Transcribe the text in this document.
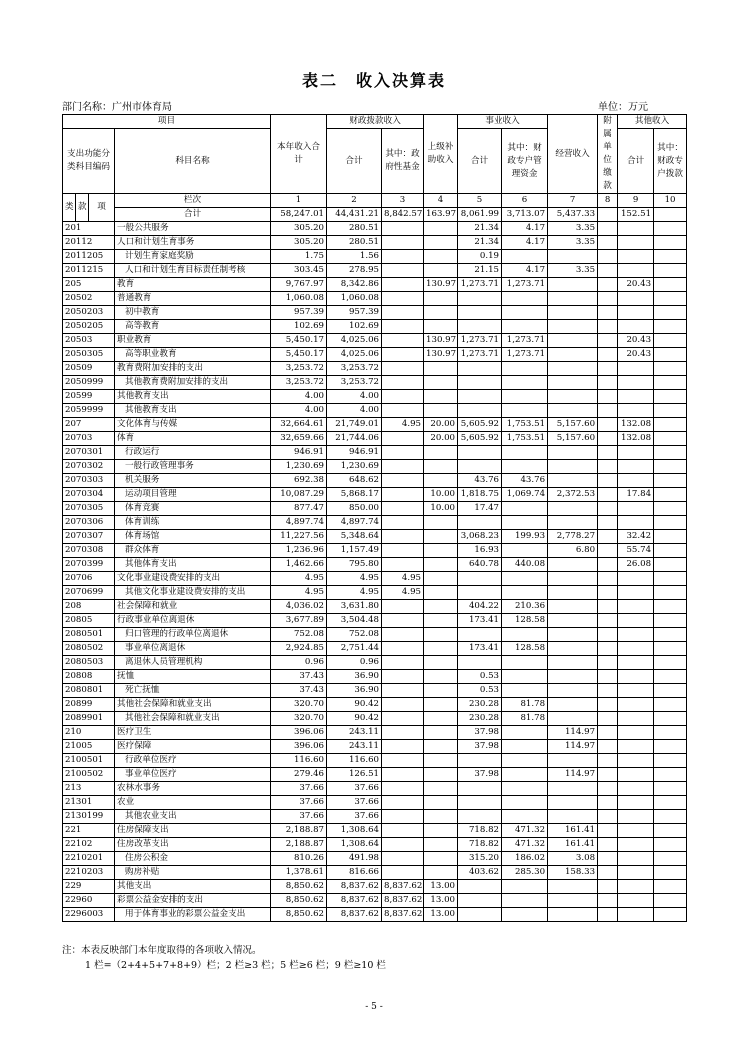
表二　收入决算表
部门名称：广州市体育局	单位：万元
项目				本年收入合计	财政拨款收入		上级补助收入	事业收入		经营收入	附属单位缴款	其他收入	
支出功能分类科目编码			科目名称		合计	其中：政府性基金		合计	其中：财政专户管理资金			合计	其中：财政专户拨款

类	款	项	栏次	1	2	3	4	5	6	7	8	9	10
			合计	58,247.01	44,431.21	8,842.57	163.97	8,061.99	3,713.07	5,437.33		152.51	
201			一般公共服务	305.20	280.51			21.34	4.17	3.35			
20112			人口和计划生育事务	305.20	280.51			21.34	4.17	3.35			
2011205			计划生育家庭奖励	1.75	1.56			0.19					
2011215			人口和计划生育目标责任制考核	303.45	278.95			21.15	4.17	3.35			
205			教育	9,767.97	8,342.86		130.97	1,273.71	1,273.71			20.43	
20502			普通教育	1,060.08	1,060.08								
2050203			初中教育	957.39	957.39								
2050205			高等教育	102.69	102.69								
20503			职业教育	5,450.17	4,025.06		130.97	1,273.71	1,273.71			20.43	
2050305			高等职业教育	5,450.17	4,025.06		130.97	1,273.71	1,273.71			20.43	
20509			教育费附加安排的支出	3,253.72	3,253.72								
2050999			其他教育费附加安排的支出	3,253.72	3,253.72								
20599			其他教育支出	4.00	4.00								
2059999			其他教育支出	4.00	4.00								
207			文化体育与传媒	32,664.61	21,749.01	4.95	20.00	5,605.92	1,753.51	5,157.60		132.08	
20703			体育	32,659.66	21,744.06		20.00	5,605.92	1,753.51	5,157.60		132.08	
2070301			行政运行	946.91	946.91								
2070302			一般行政管理事务	1,230.69	1,230.69								
2070303			机关服务	692.38	648.62			43.76	43.76				
2070304			运动项目管理	10,087.29	5,868.17		10.00	1,818.75	1,069.74	2,372.53		17.84	
2070305			体育竞赛	877.47	850.00		10.00	17.47					
2070306			体育训练	4,897.74	4,897.74								
2070307			体育场馆	11,227.56	5,348.64			3,068.23	199.93	2,778.27		32.42	
2070308			群众体育	1,236.96	1,157.49			16.93		6.80		55.74	
2070399			其他体育支出	1,462.66	795.80			640.78	440.08			26.08	
20706			文化事业建设费安排的支出	4.95	4.95	4.95							
2070699			其他文化事业建设费安排的支出	4.95	4.95	4.95							
208			社会保障和就业	4,036.02	3,631.80			404.22	210.36				
20805			行政事业单位离退休	3,677.89	3,504.48			173.41	128.58				
2080501			归口管理的行政单位离退休	752.08	752.08								
2080502			事业单位离退休	2,924.85	2,751.44			173.41	128.58				
2080503			离退休人员管理机构	0.96	0.96								
20808			抚恤	37.43	36.90			0.53					
2080801			死亡抚恤	37.43	36.90			0.53					
20899			其他社会保障和就业支出	320.70	90.42			230.28	81.78				
2089901			其他社会保障和就业支出	320.70	90.42			230.28	81.78				
210			医疗卫生	396.06	243.11			37.98		114.97			
21005			医疗保障	396.06	243.11			37.98		114.97			
2100501			行政单位医疗	116.60	116.60								
2100502			事业单位医疗	279.46	126.51			37.98		114.97			
213			农林水事务	37.66	37.66								
21301			农业	37.66	37.66								
2130199			其他农业支出	37.66	37.66								
221			住房保障支出	2,188.87	1,308.64			718.82	471.32	161.41			
22102			住房改革支出	2,188.87	1,308.64			718.82	471.32	161.41			
2210201			住房公积金	810.26	491.98			315.20	186.02	3.08			
2210203			购房补贴	1,378.61	816.66			403.62	285.30	158.33			
229			其他支出	8,850.62	8,837.62	8,837.62	13.00						
22960			彩票公益金安排的支出	8,850.62	8,837.62	8,837.62	13.00						
2296003			用于体育事业的彩票公益金支出	8,850.62	8,837.62	8,837.62	13.00						
注：本表反映部门本年度取得的各项收入情况。
1 栏=（2+4+5+7+8+9）栏；2 栏≥3 栏；5 栏≥6 栏；9 栏≥10 栏
- 5 -
